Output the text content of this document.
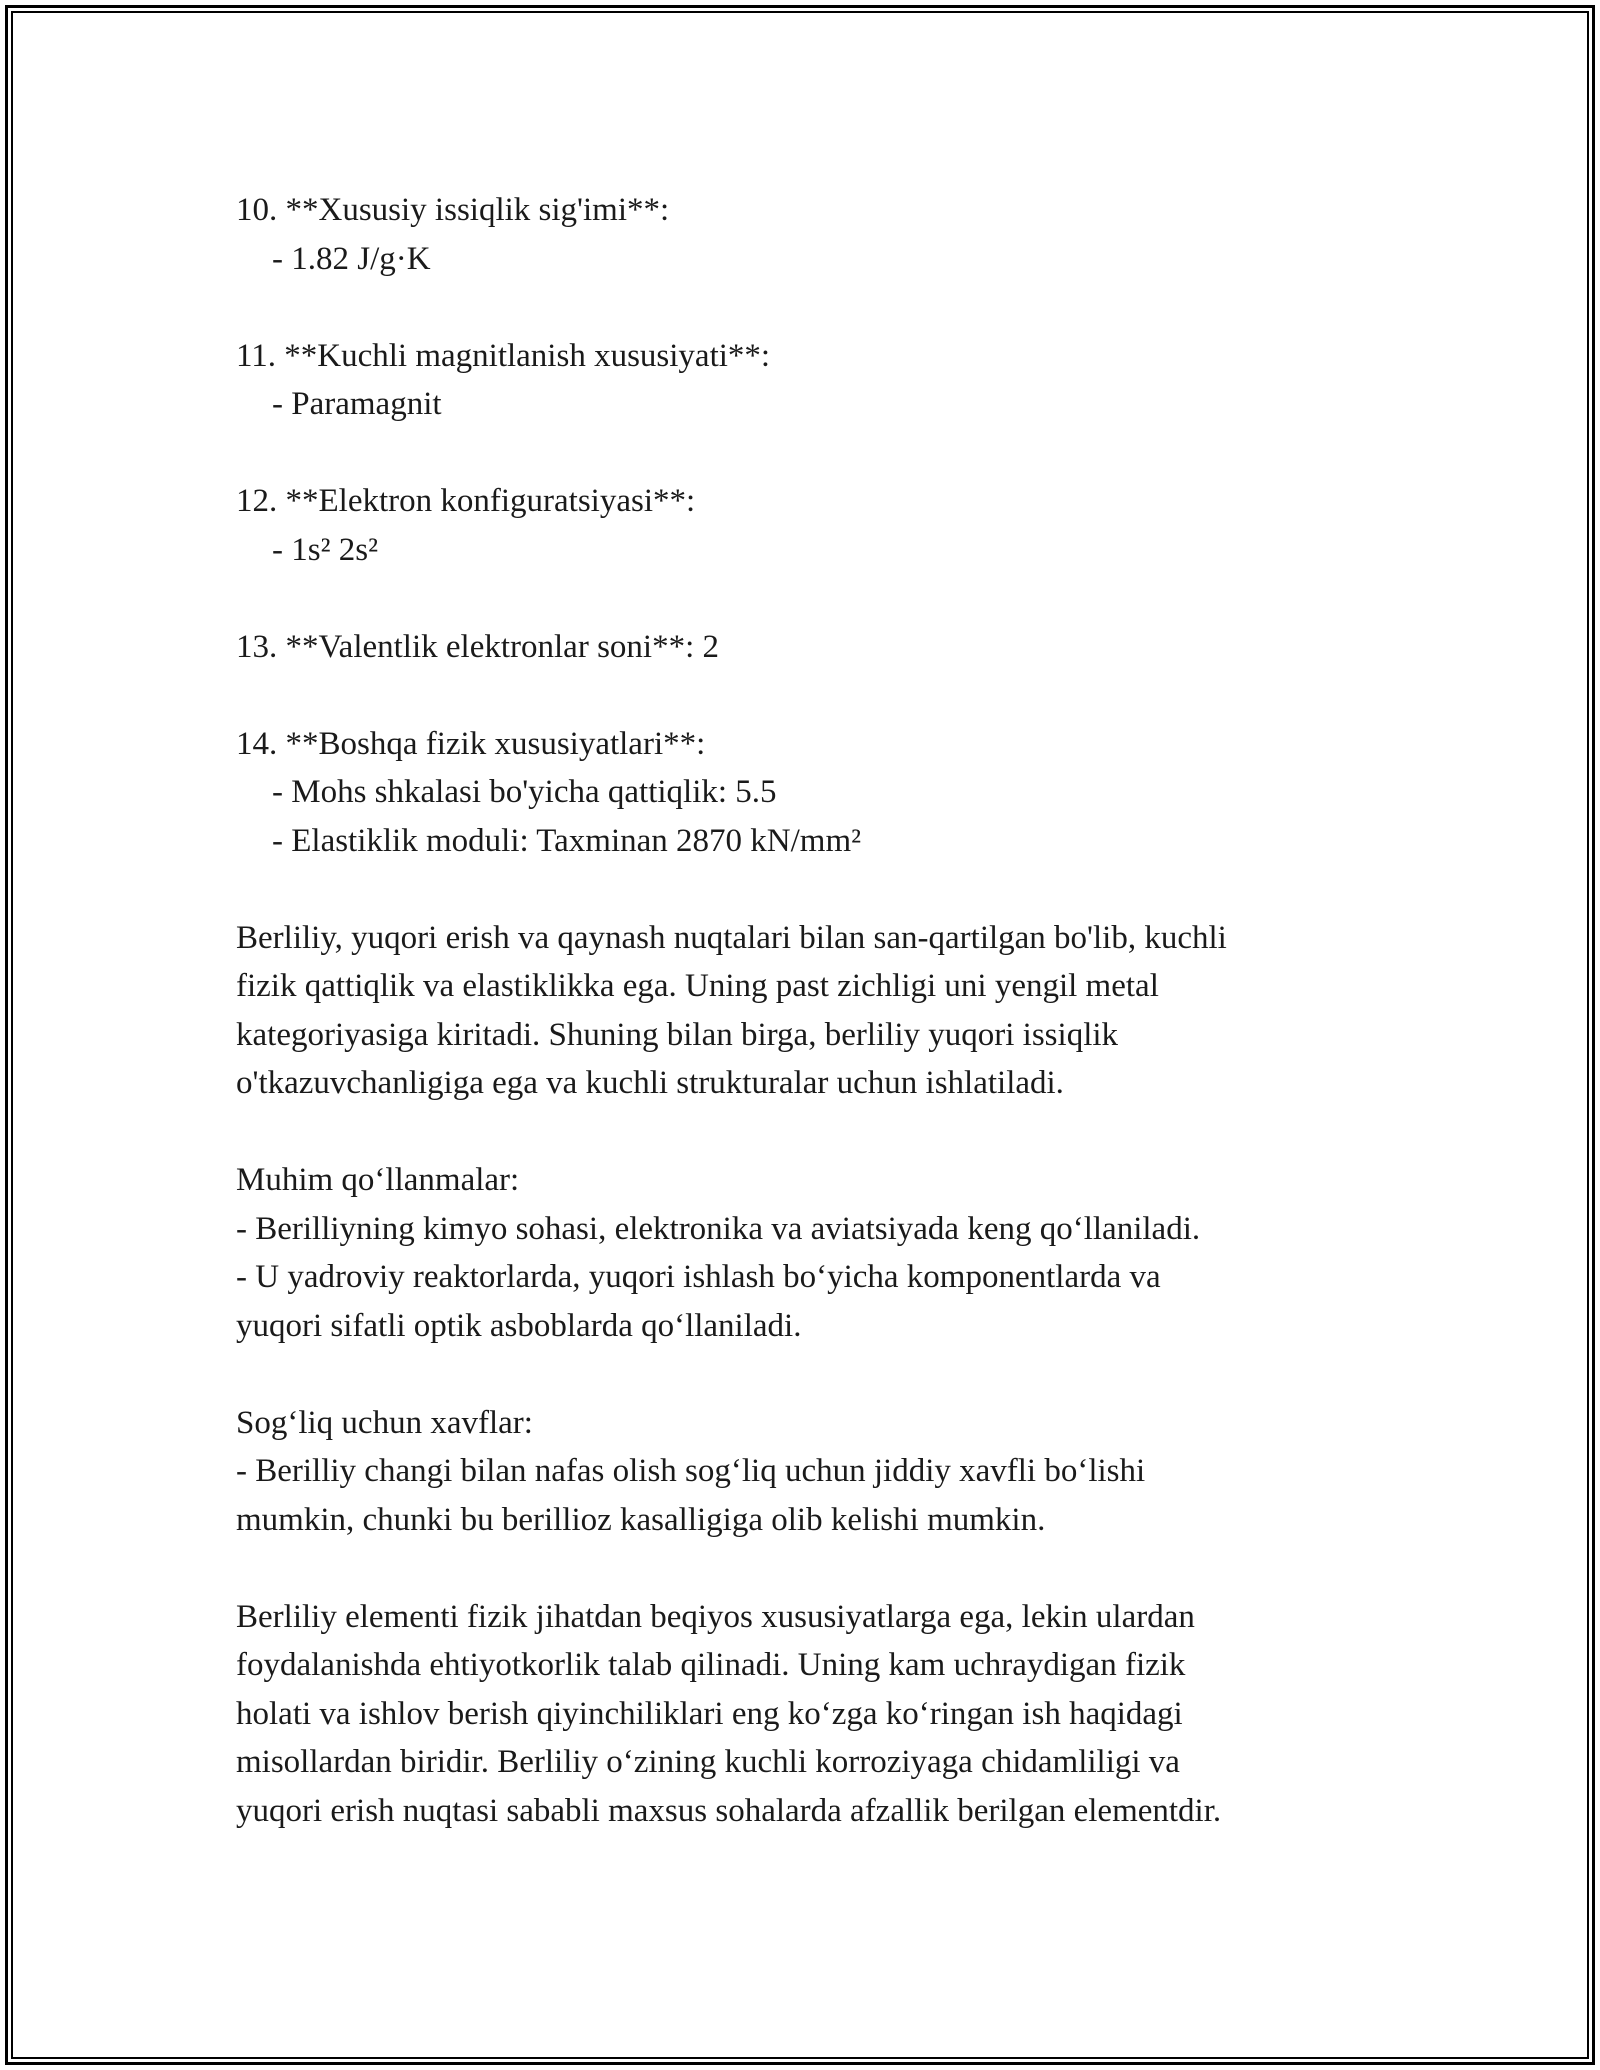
10. **Xususiy issiqlik sig'imi**:

- 1.82 J/g·K

11. **Kuchli magnitlanish xususiyati**:

- Paramagnit

12. **Elektron konfiguratsiyasi**:

- 1s² 2s²

13. **Valentlik elektronlar soni**: 2

14. **Boshqa fizik xususiyatlari**:

- Mohs shkalasi bo'yicha qattiqlik: 5.5

- Elastiklik moduli: Taxminan 2870 kN/mm²

Berliliy, yuqori erish va qaynash nuqtalari bilan san-qartilgan bo'lib, kuchli

fizik qattiqlik va elastiklikka ega. Uning past zichligi uni yengil metal

kategoriyasiga kiritadi. Shuning bilan birga, berliliy yuqori issiqlik

o'tkazuvchanligiga ega va kuchli strukturalar uchun ishlatiladi.

Muhim qo‘llanmalar:

- Berilliyning kimyo sohasi, elektronika va aviatsiyada keng qo‘llaniladi.

- U yadroviy reaktorlarda, yuqori ishlash bo‘yicha komponentlarda va

yuqori sifatli optik asboblarda qo‘llaniladi.

Sog‘liq uchun xavflar:

- Berilliy changi bilan nafas olish sog‘liq uchun jiddiy xavfli bo‘lishi

mumkin, chunki bu berillioz kasalligiga olib kelishi mumkin.

Berliliy elementi fizik jihatdan beqiyos xususiyatlarga ega, lekin ulardan

foydalanishda ehtiyotkorlik talab qilinadi. Uning kam uchraydigan fizik

holati va ishlov berish qiyinchiliklari eng ko‘zga ko‘ringan ish haqidagi

misollardan biridir. Berliliy o‘zining kuchli korroziyaga chidamliligi va

yuqori erish nuqtasi sababli maxsus sohalarda afzallik berilgan elementdir.
